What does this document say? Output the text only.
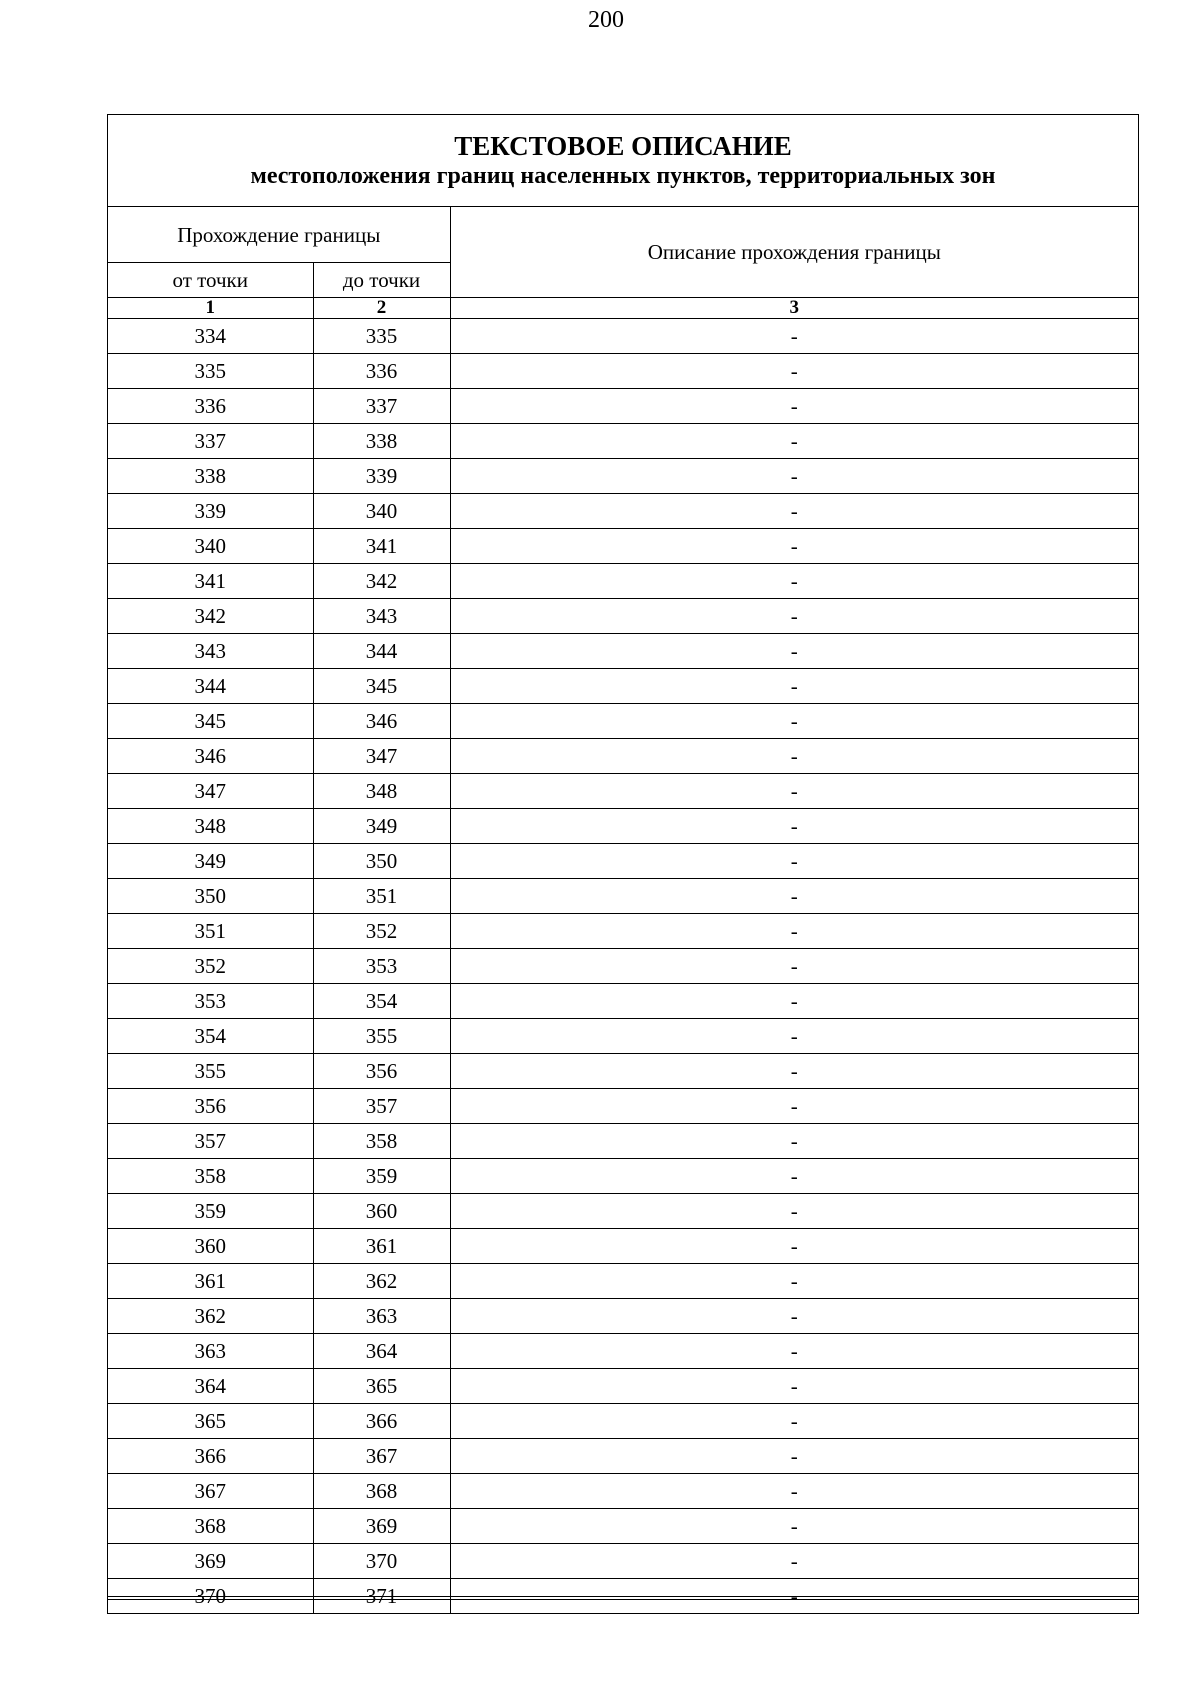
200
ТЕКСТОВОЕ ОПИСАНИЕ
местоположения границ населенных пунктов, территориальных зон
Прохождение границы		Описание прохождения границы
от точки	до точки	
1	2	3
334	335	-
335	336	-
336	337	-
337	338	-
338	339	-
339	340	-
340	341	-
341	342	-
342	343	-
343	344	-
344	345	-
345	346	-
346	347	-
347	348	-
348	349	-
349	350	-
350	351	-
351	352	-
352	353	-
353	354	-
354	355	-
355	356	-
356	357	-
357	358	-
358	359	-
359	360	-
360	361	-
361	362	-
362	363	-
363	364	-
364	365	-
365	366	-
366	367	-
367	368	-
368	369	-
369	370	-
370	371	-
